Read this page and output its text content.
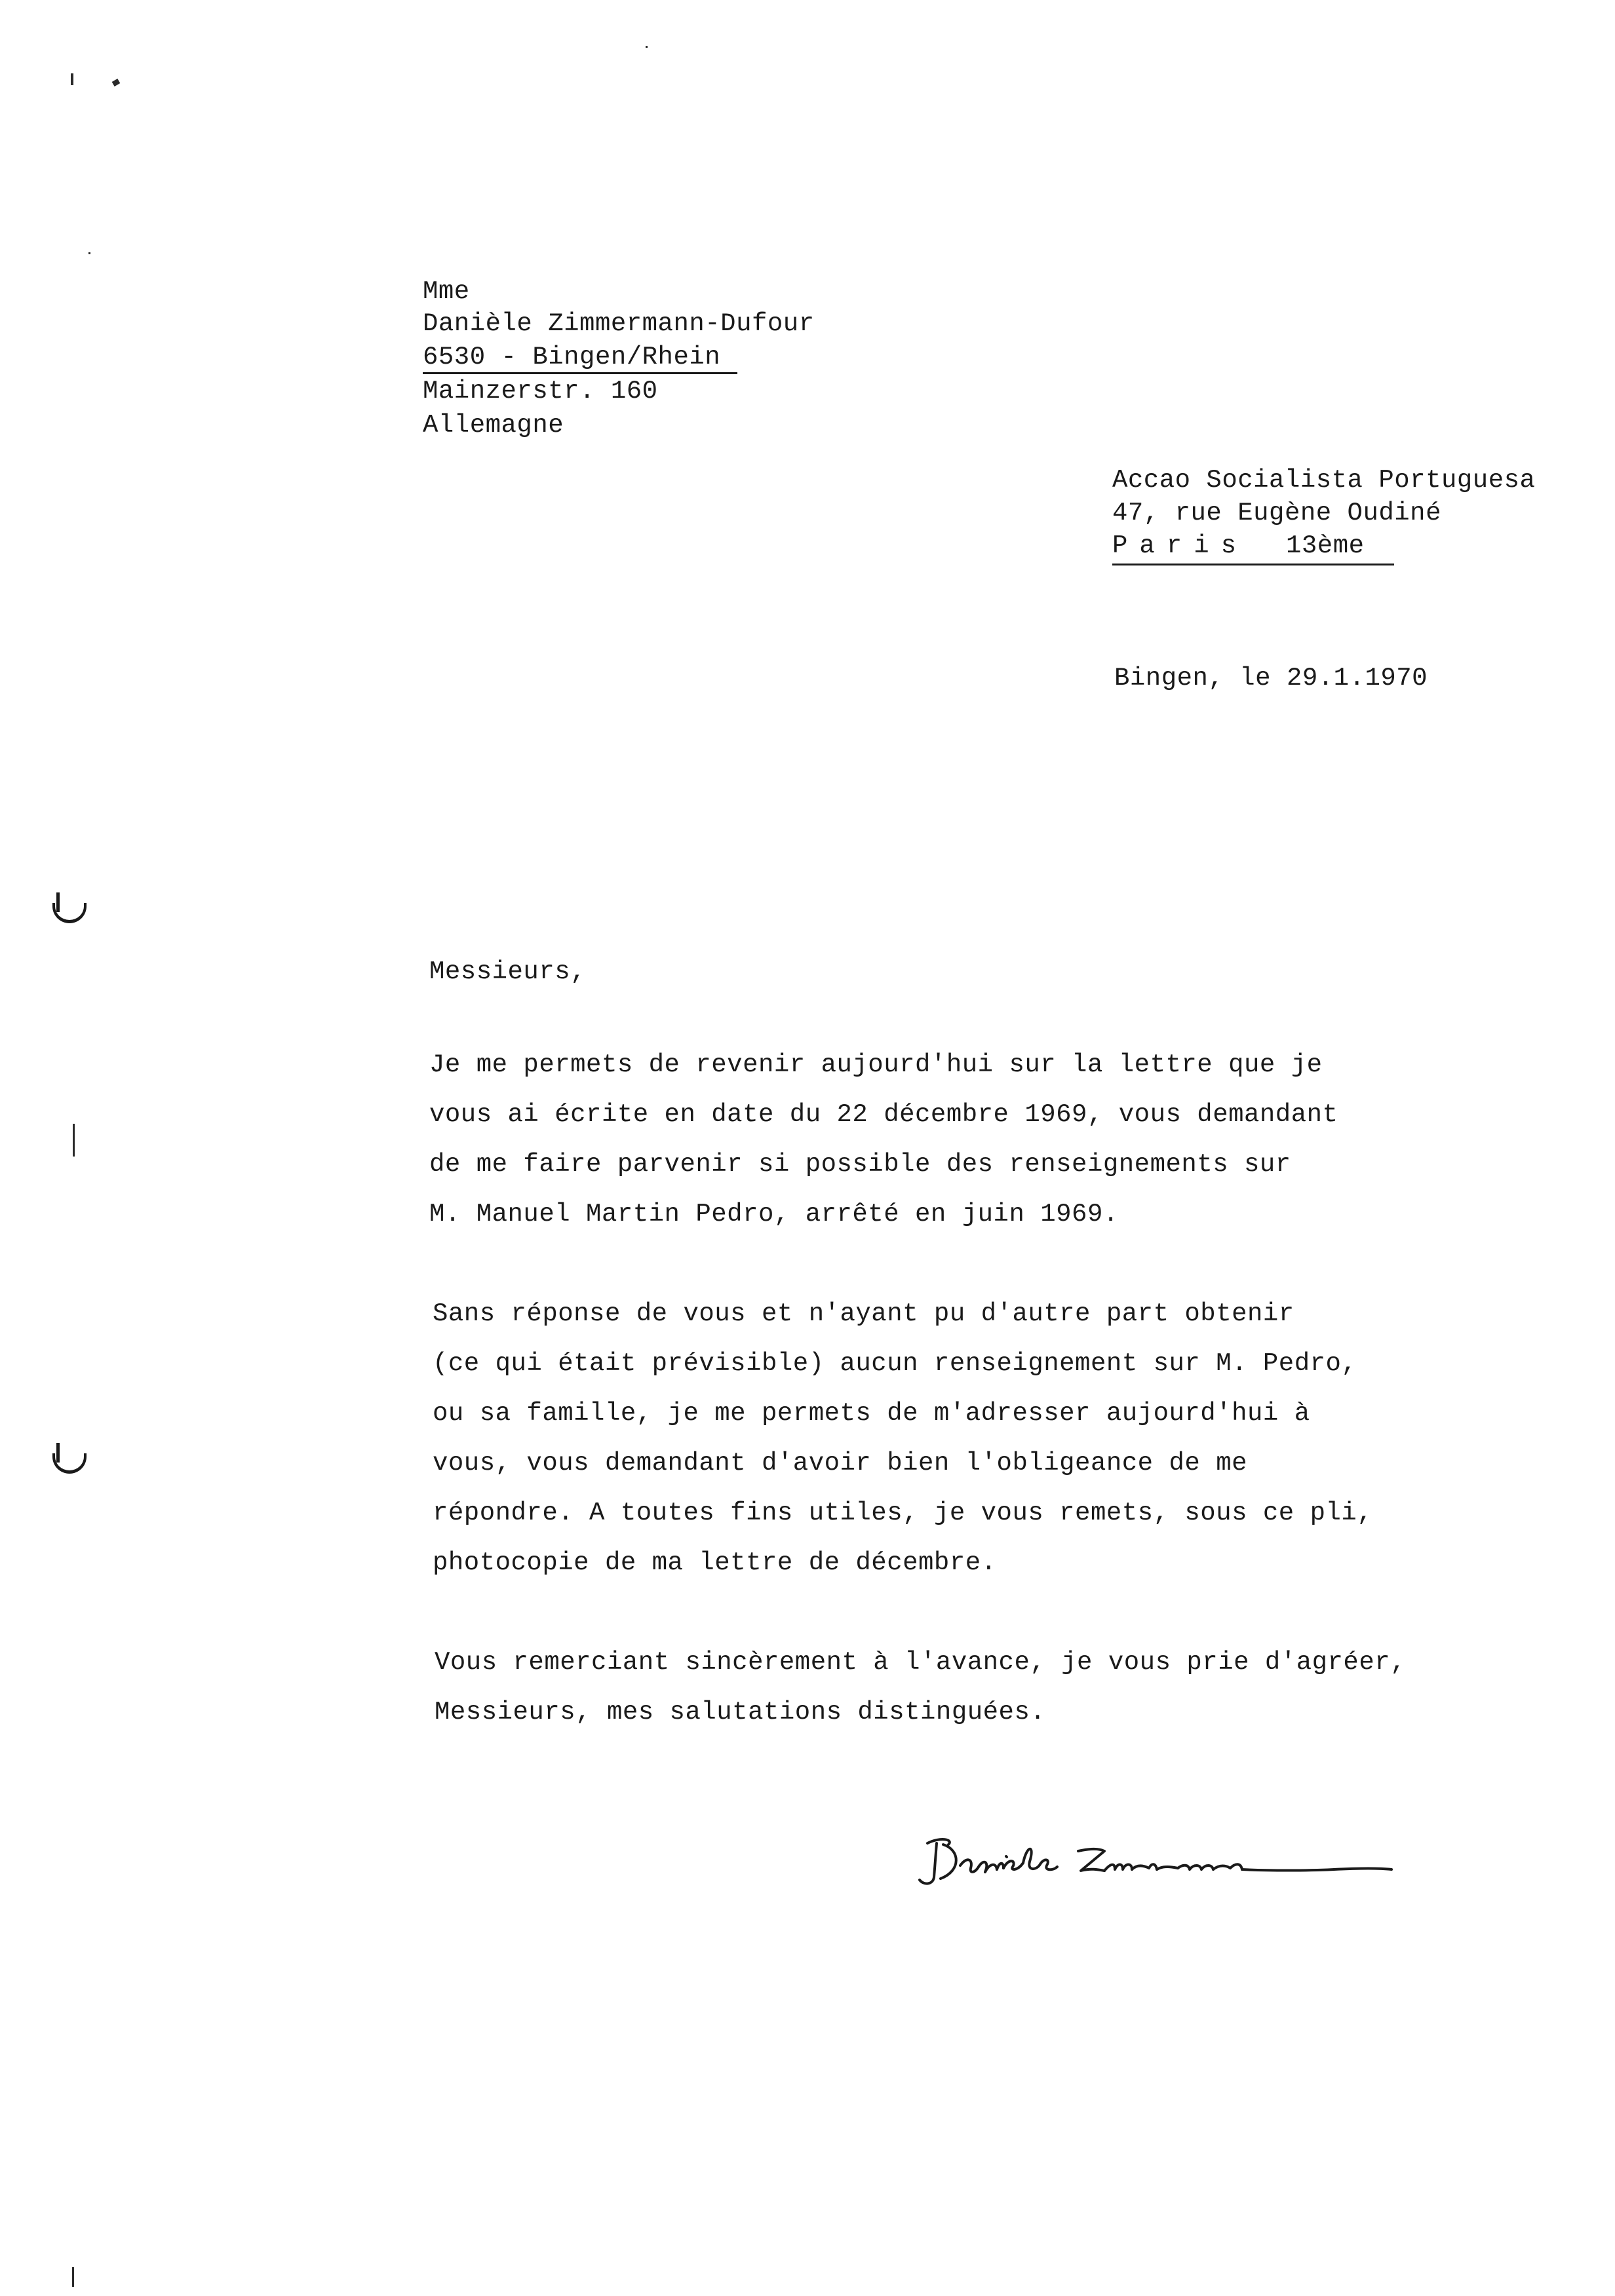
Mme
Danièle Zimmermann-Dufour
6530 - Bingen/Rhein
Mainzerstr. 160
Allemagne
Accao Socialista Portuguesa
47, rue Eugène Oudiné
Paris 13ème
Bingen, le 29.1.1970
Messieurs,
Je me permets de revenir aujourd'hui sur la lettre que je
vous ai écrite en date du 22 décembre 1969, vous demandant
de me faire parvenir si possible des renseignements sur
M. Manuel Martin Pedro, arrêté en juin 1969.
Sans réponse de vous et n'ayant pu d'autre part obtenir
(ce qui était prévisible) aucun renseignement sur M. Pedro,
ou sa famille, je me permets de m'adresser aujourd'hui à
vous, vous demandant d'avoir bien l'obligeance de me
répondre. A toutes fins utiles, je vous remets, sous ce pli,
photocopie de ma lettre de décembre.
Vous remerciant sincèrement à l'avance, je vous prie d'agréer,
Messieurs, mes salutations distinguées.
